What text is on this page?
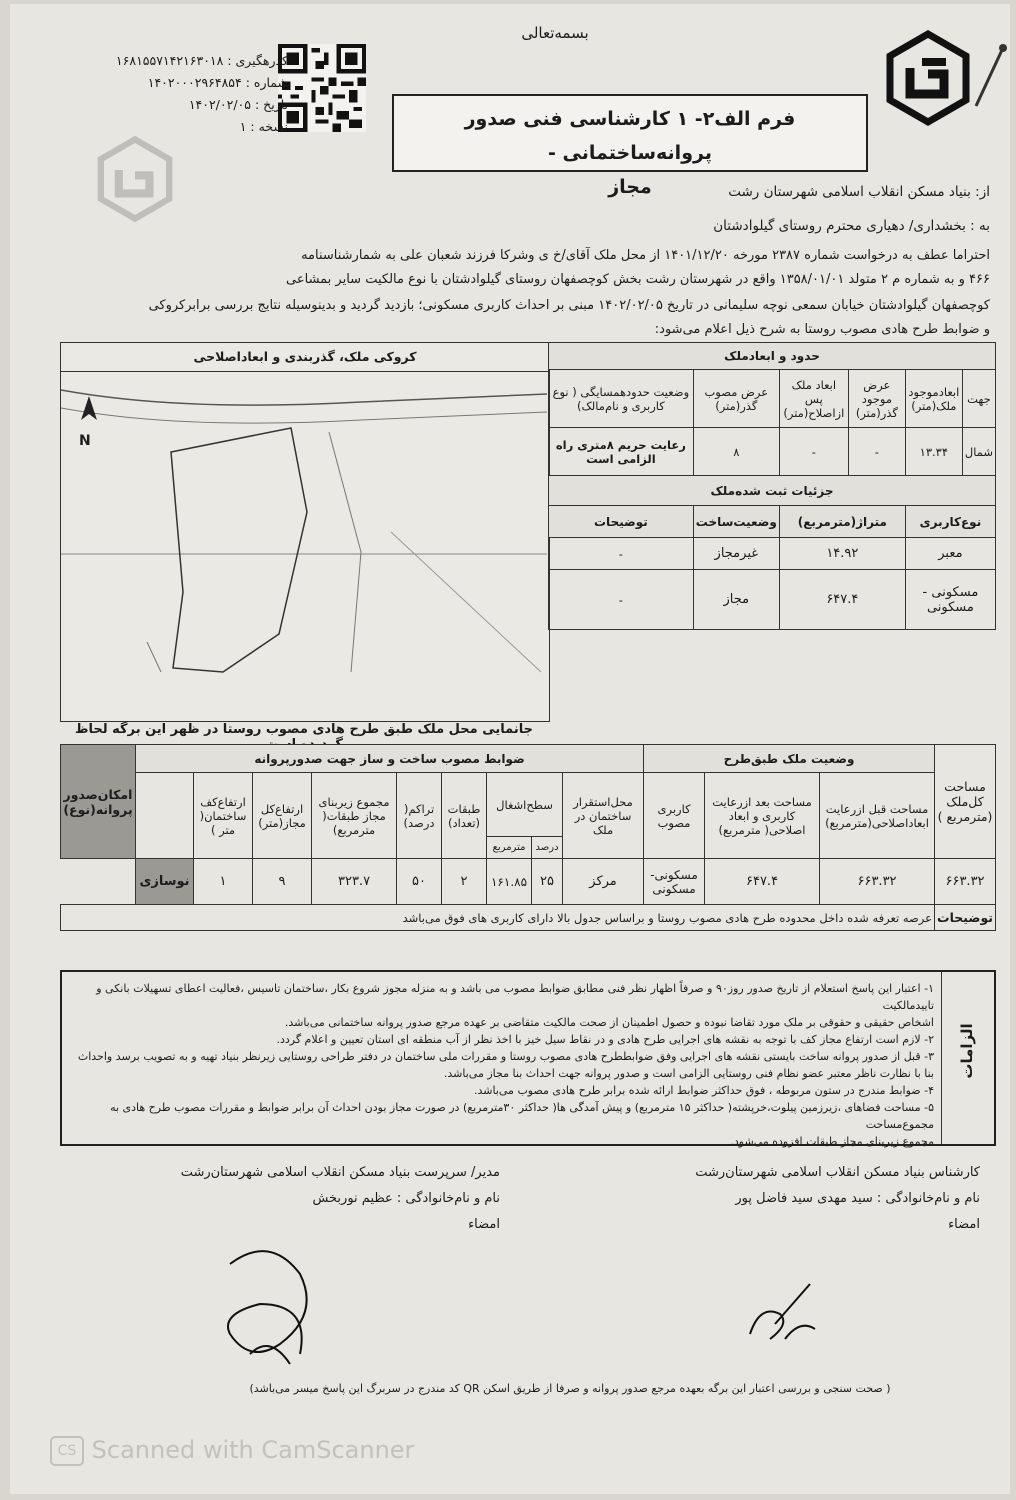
بسمه‌تعالی
کدرهگیری : ۱۶۸۱۵۵۷۱۴۲۱۶۳۰۱۸
شماره : ۱۴۰۲۰۰۰۲۹۶۴۸۵۴
تاریخ : ۱۴۰۲/۰۲/۰۵
نسخه : ۱	فرم الف۲- ۱ کارشناسی فنی صدور پروانه‌ساختمانی -
مجاز	از: بنیاد مسکن انقلاب اسلامی شهرستان رشت
به : بخشداری/ دهیاری محترم روستای گیلوادشتان
احتراما عطف به درخواست شماره ۲۳۸۷ مورخه ۱۴۰۱/۱۲/۲۰ از محل ملک آقای/خ ی وشرکا فرزند شعبان علی به شمارشناسنامه
۴۶۶ و به شماره م ۲ متولد ۱۳۵۸/۰۱/۰۱ واقع در شهرستان رشت بخش کوچصفهان روستای گیلوادشتان با نوع مالکیت سایر بمشاعی
کوچصفهان گیلوادشتان خیابان سمعی نوچه سلیمانی در تاریخ ۱۴۰۲/۰۲/۰۵ مبنی بر احداث کاربری مسکونی؛ بازدید گردید و بدینوسیله نتایج بررسی برابرکروکی
و ضوابط طرح هادی مصوب روستا به شرح ذیل اعلام می‌شود:
کروکی ملک، گذربندی و ابعاداصلاحی
N
حدود و ابعادملک					
جهت	ابعادموجود ملک(متر)	عرض موجود گذر(متر)	ابعاد ملک پس ازاصلاح(متر)	عرض مصوب گذر(متر)	وضعیت حدودهمسایگی ( نوع کاربری و نام‌مالک)
شمال	۱۳.۳۴	-	-	۸	رعایت حریم ۸متری راه الزامی است
جزئیات ثبت شده‌ملک					
نوع‌کاربری		متراژ(مترمربع)		وضعیت‌ساخت	توضیحات
معبر		۱۴.۹۲		غیرمجاز	-
مسکونی - مسکونی		۶۴۷.۴		مجاز	-
جانمایی محل ملک طبق طرح هادی مصوب روستا در ظهر این برگه لحاظ
مساحت کل‌ملک (مترمربع )	وضعیت ملک طبق‌طرح			ضوابط مصوب ساخت و ساز جهت صدورپروانه									امکان‌صدور پروانه(نوع)
	مساحت قبل ازرعایت ابعاداصلاحی(مترمربع)	مساحت بعد ازرعایت کاربری و ابعاد اصلاحی( مترمربع)	کاربری مصوب	محل‌استقرار ساختمان در ملک	سطح‌اشغال		طبقات (تعداد)	تراکم( درصد)	مجموع زیربنای مجاز طبقات( مترمربع)	ارتفاع‌کل مجاز(متر)	ارتفاع‌کف ساختمان( متر )		
					درصد	مترمربع							
۶۶۳.۳۲	۶۶۳.۳۲	۶۴۷.۴	مسکونی- مسکونی	مرکز	۲۵	۱۶۱.۸۵	۲	۵۰	۳۲۳.۷	۹	۱	نوسازی	
توضیحات	عرصه تعرفه شده داخل محدوده طرح هادی مصوب روستا و براساس جدول بالا دارای کاربری های فوق می‌باشد												
الزامات
۱- اعتبار این پاسخ استعلام از تاریخ صدور روز۹۰ و صرفاً اظهار نظر فنی مطابق ضوابط مصوب می باشد و به منزله مجوز شروع بکار ،ساختمان تاسیس ،فعالیت اعطای تسهیلات بانکی و تاییدمالکیت
اشخاص حقیقی و حقوقی بر ملک مورد تقاضا نبوده و حصول اطمینان از صحت مالکیت متقاضی بر عهده مرجع صدور پروانه ساختمانی می‌باشد.
۲- لازم است ارتفاع مجاز کف با توجه به نقشه های اجرایی طرح هادی و در نقاط سیل خیز با اخذ نظر از آب منطقه ای استان تعیین و اعلام گردد.
۳- قبل از صدور پروانه ساخت بایستی نقشه های اجرایی وفق ضوابططرح هادی مصوب روستا و مقررات ملی ساختمان در دفتر طراحی روستایی زیرنظر بنیاد تهیه و به تصویب برسد واحداث
بنا با نظارت ناظر معتبر عضو نظام فنی روستایی الزامی است و صدور پروانه جهت احداث بنا مجاز می‌باشد.
۴- ضوابط مندرج در ستون مربوطه ، فوق حداکثر ضوابط ارائه شده برابر طرح هادی مصوب می‌باشد.
۵- مساحت فضاهای ،زیرزمین پیلوت،خرپشته( حداکثر ۱۵ مترمربع) و پیش آمدگی ها( حداکثر ۳۰مترمربع) در صورت مجاز بودن احداث آن برابر ضوابط و مقررات مصوب طرح هادی به مجموع‌مساحت
مجموع زیربنای مجاز طبقات افزوده می‌شود.
کارشناس بنیاد مسکن انقلاب اسلامی شهرستان‌رشت
نام و نام‌خانوادگی : سید مهدی سید فاضل پور
امضاء
مدیر/ سرپرست بنیاد مسکن انقلاب اسلامی شهرستان‌رشت
نام و نام‌خانوادگی : عظیم نوربخش
امضاء
( صحت سنجی و بررسی اعتبار این برگه بعهده مرجع صدور پروانه و صرفا از طریق اسکن QR کد مندرج در سربرگ این پاسخ میسر می‌باشد)
CS Scanned with CamScanner
